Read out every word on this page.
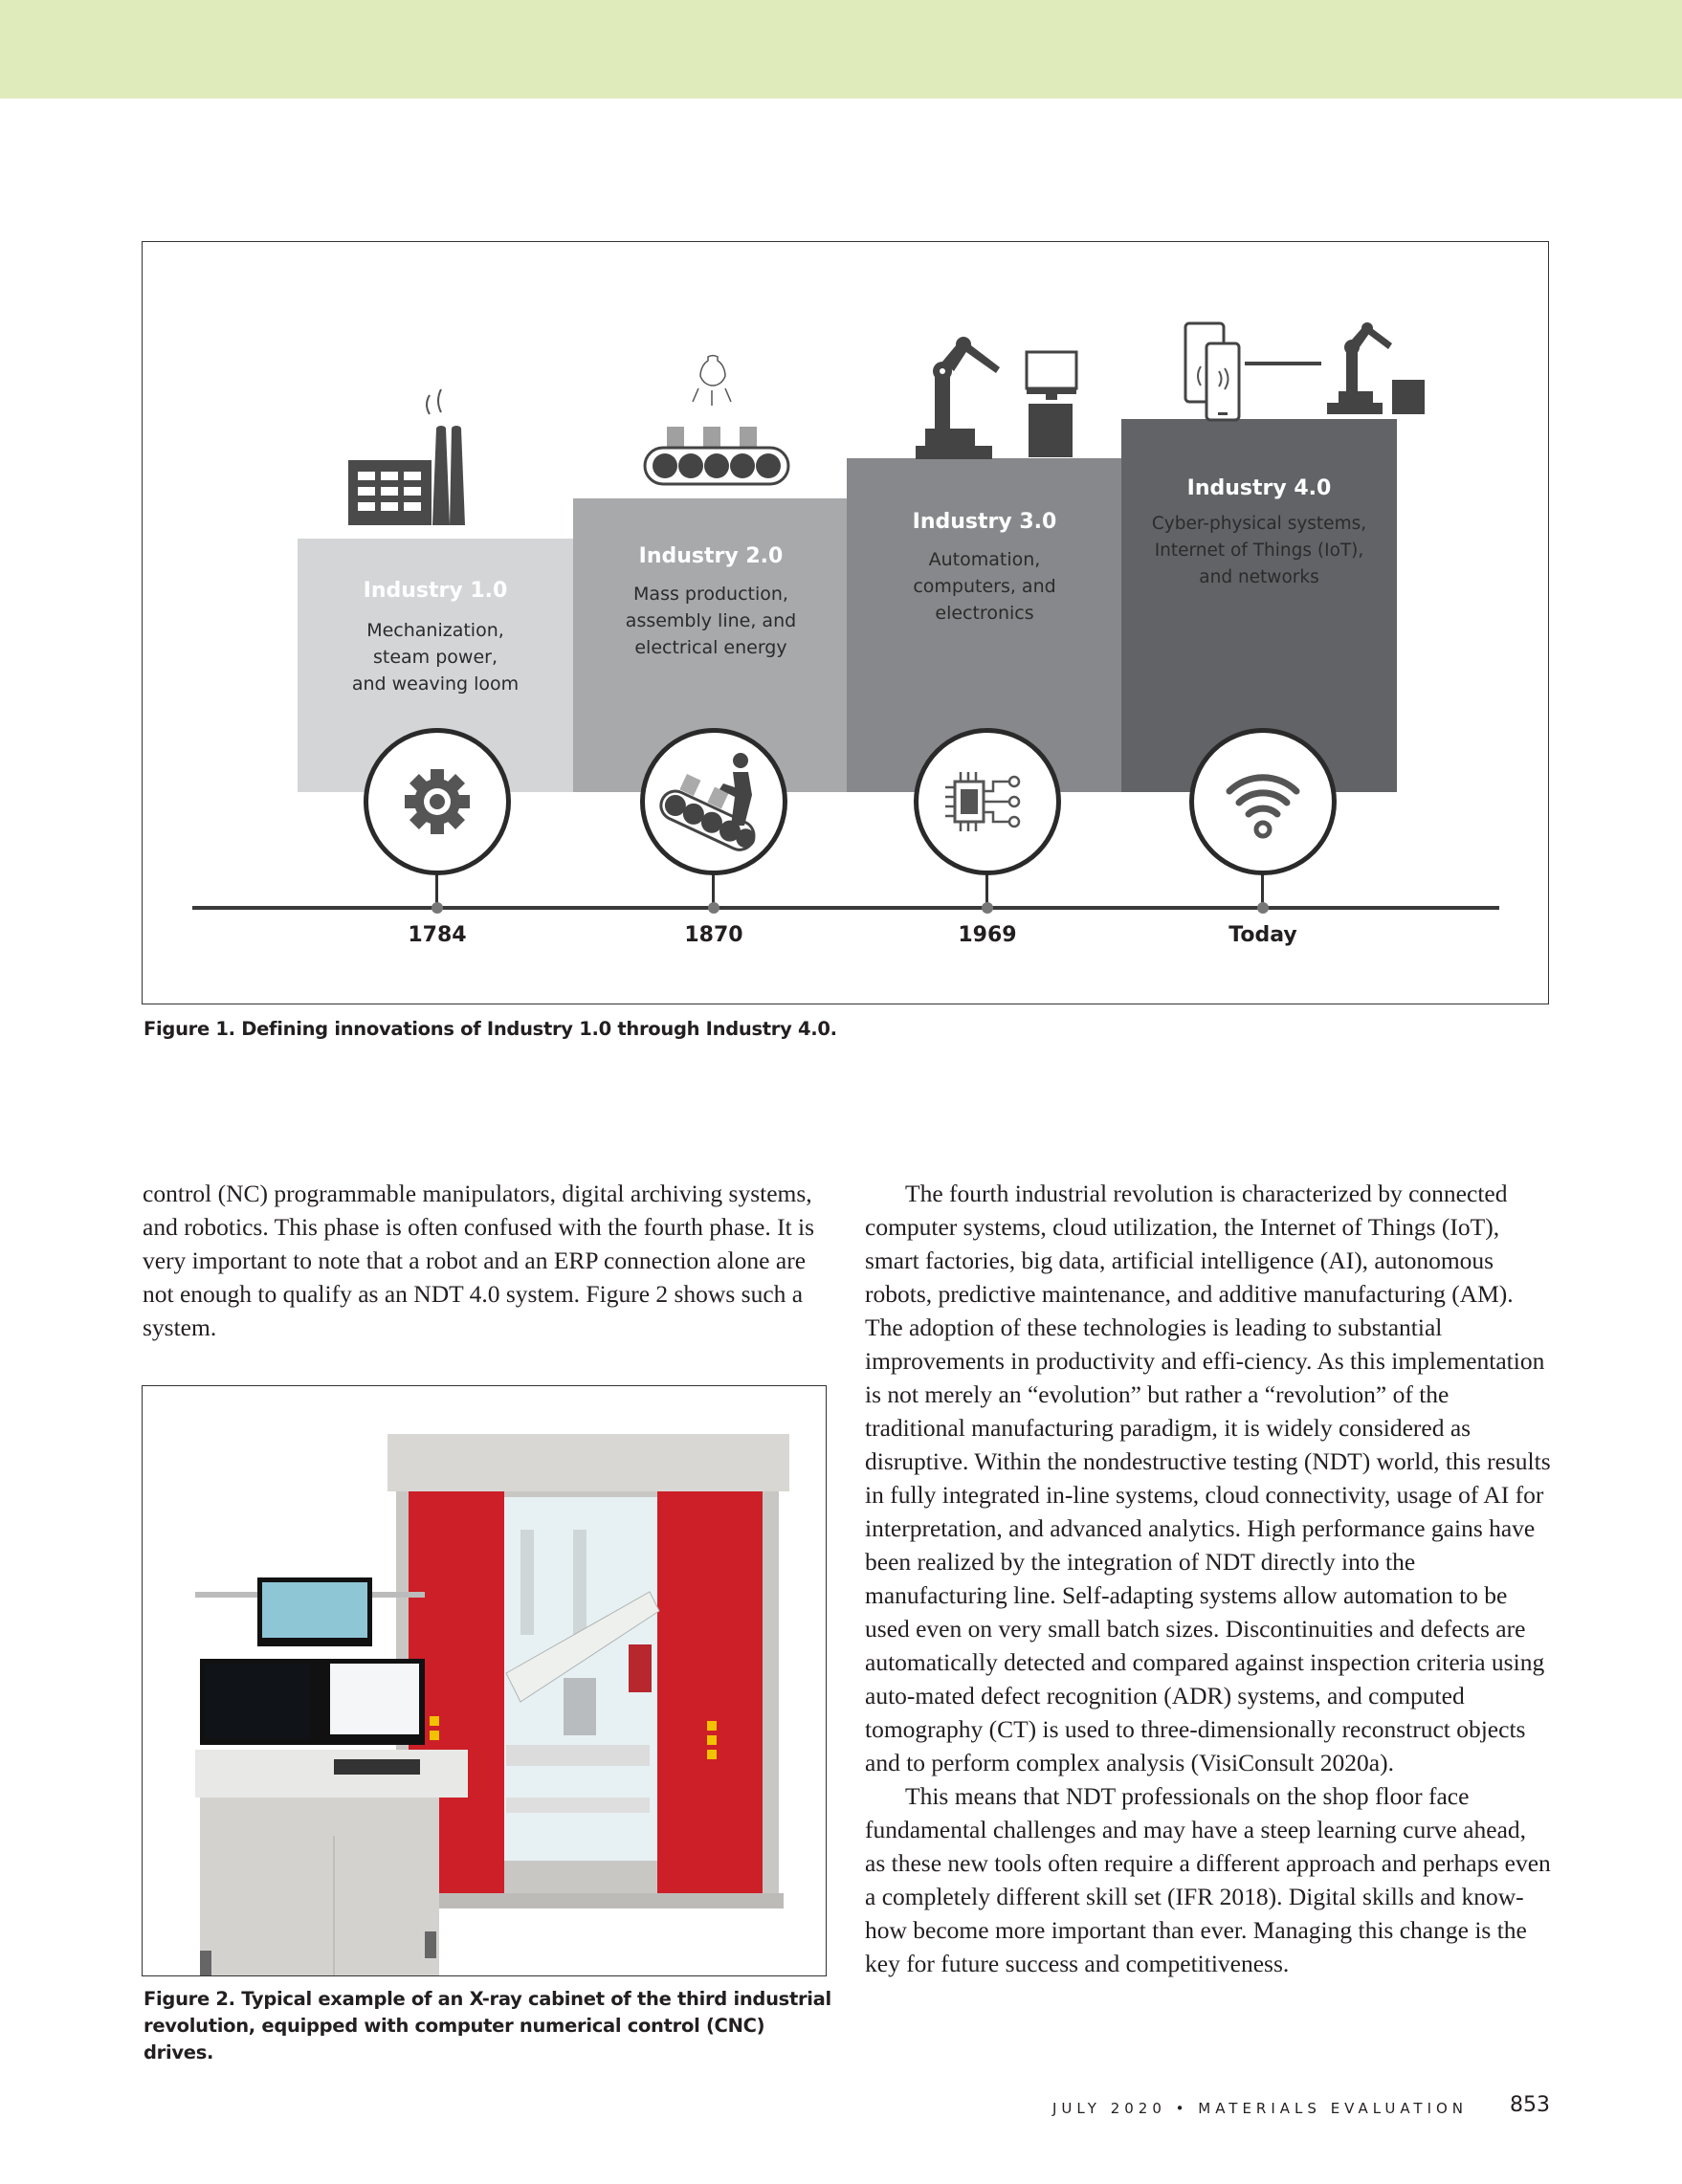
Industry 1.0
Mechanization,
steam power,
and weaving loom
Industry 2.0
Mass production,
assembly line, and
electrical energy
Industry 3.0
Automation,
computers, and
electronics
Industry 4.0
Cyber-physical systems,
Internet of Things (IoT),
and networks
1784	1870	1969	Today
Figure 1. Defining innovations of Industry 1.0 through Industry 4.0.

control (NC) programmable manipulators, digital archiving systems, and robotics. This phase is often confused with the fourth phase. It is very important to note that a robot and an ERP connection alone are not enough to qualify as an NDT 4.0 system. Figure 2 shows such a system.

The fourth industrial revolution is characterized by connected computer systems, cloud utilization, the Internet of Things (IoT), smart factories, big data, artificial intelligence (AI), autonomous robots, predictive maintenance, and additive manufacturing (AM). The adoption of these technologies is leading to substantial improvements in productivity and effi-ciency. As this implementation is not merely an “evolution” but rather a “revolution” of the traditional manufacturing paradigm, it is widely considered as disruptive. Within the nondestructive testing (NDT) world, this results in fully integrated in-line systems, cloud connectivity, usage of AI for interpretation, and advanced analytics. High performance gains have been realized by the integration of NDT directly into the manufacturing line. Self-adapting systems allow automation to be used even on very small batch sizes. Discontinuities and defects are automatically detected and compared against inspection criteria using auto-mated defect recognition (ADR) systems, and computed tomography (CT) is used to three-dimensionally reconstruct objects and to perform complex analysis (VisiConsult 2020a).

This means that NDT professionals on the shop floor face fundamental challenges and may have a steep learning curve ahead, as these new tools often require a different approach and perhaps even a completely different skill set (IFR 2018). Digital skills and know-how become more important than ever. Managing this change is the key for future success and competitiveness.

Figure 2. Typical example of an X-ray cabinet of the third industrial revolution, equipped with computer numerical control (CNC) drives.
JULY 2020 • MATERIALS EVALUATION 853
